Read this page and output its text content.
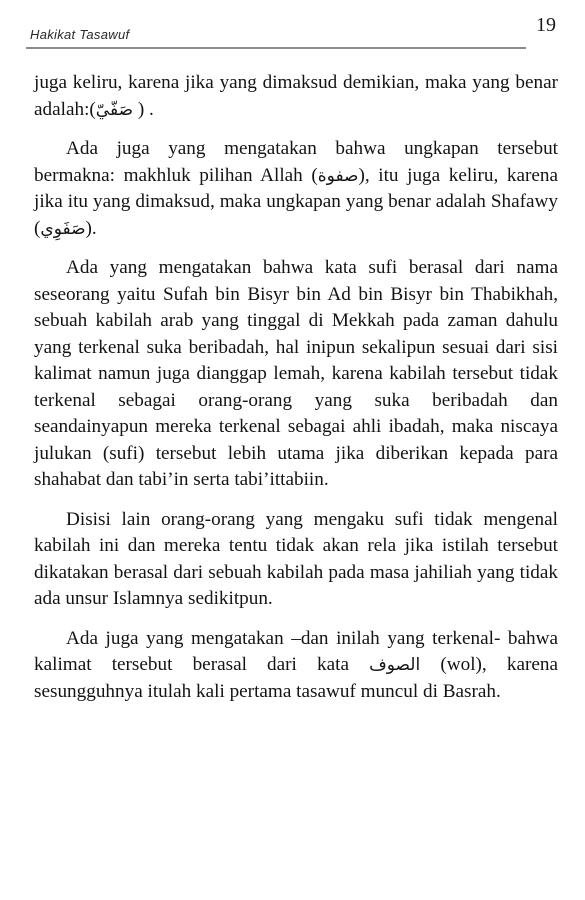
Hakikat Tasawuf	19

juga keliru, karena jika yang dimaksud demikian, maka yang benar adalah:(صَفّيّ ) .

Ada juga yang mengatakan bahwa ungkapan tersebut bermakna: makhluk pilihan Allah (صفوة), itu juga keliru, karena jika itu yang dimaksud, maka ungkapan yang benar adalah Shafawy (صَفَوِي).

Ada yang mengatakan bahwa kata sufi berasal dari nama seseorang yaitu Sufah bin Bisyr bin Ad bin Bisyr bin Thabikhah, sebuah kabilah arab yang tinggal di Mekkah pada zaman dahulu yang terkenal suka beribadah, hal inipun sekalipun sesuai dari sisi kalimat namun juga dianggap lemah, karena kabilah tersebut tidak terkenal sebagai orang-orang yang suka beribadah dan seandainyapun mereka terkenal sebagai ahli ibadah, maka niscaya julukan (sufi) tersebut lebih utama jika diberikan kepada para shahabat dan tabi’in serta tabi’ittabiin.

Disisi lain orang-orang yang mengaku sufi tidak mengenal kabilah ini dan mereka tentu tidak akan rela jika istilah tersebut dikatakan berasal dari sebuah kabilah pada masa jahiliah yang tidak ada unsur Islamnya sedikitpun.

Ada juga yang mengatakan –dan inilah yang terkenal- bahwa kalimat tersebut berasal dari kata الصوف (wol), karena sesungguhnya itulah kali pertama tasawuf muncul di Basrah.
